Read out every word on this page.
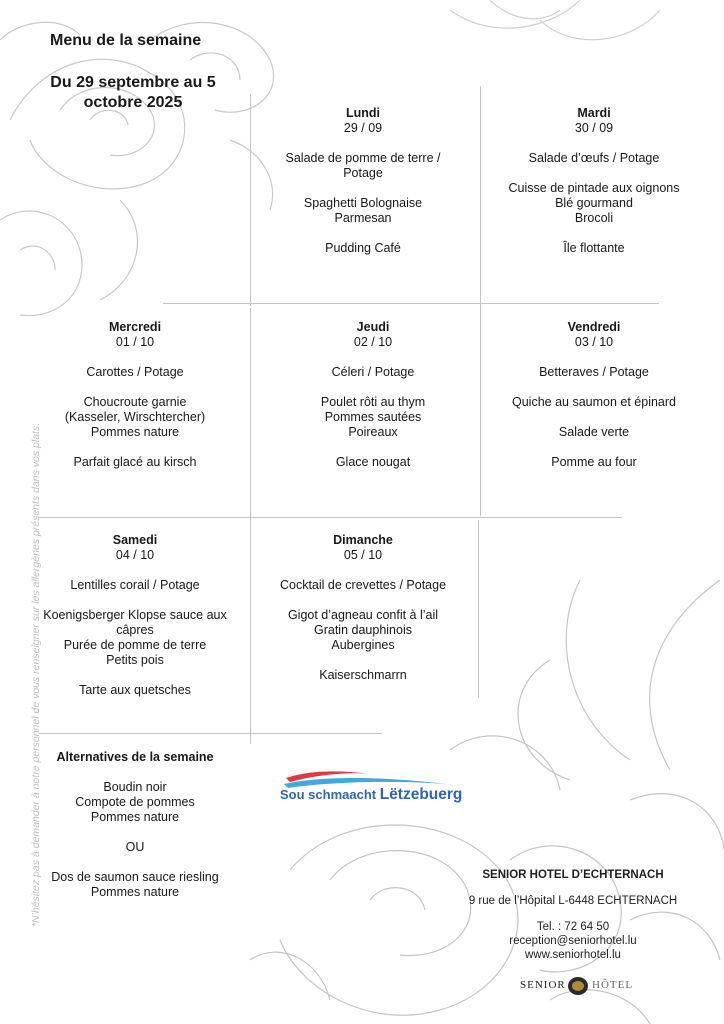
Menu de la semaine
Du 29 septembre au 5
octobre 2025
Lundi
29 / 09
Salade de pomme de terre / Potage
Spaghetti Bolognaise
Parmesan
Pudding Café
Mardi
30 / 09
Salade d’œufs / Potage
Cuisse de pintade aux oignons
Blé gourmand
Brocoli
Île flottante
Mercredi
01 / 10
Carottes / Potage
Choucroute garnie
(Kasseler, Wirschtercher)
Pommes nature
Parfait glacé au kirsch
Jeudi
02 / 10
Céleri / Potage
Poulet rôti au thym
Pommes sautées
Poireaux
Glace nougat
Vendredi
03 / 10
Betteraves / Potage
Quiche au saumon et épinard
Salade verte
Pomme au four
Samedi
04 / 10
Lentilles corail / Potage
Koenigsberger Klopse sauce aux câpres
Purée de pomme de terre
Petits pois
Tarte aux quetsches
Dimanche
05 / 10
Cocktail de crevettes / Potage
Gigot d’agneau confit à l’ail
Gratin dauphinois
Aubergines
Kaiserschmarrn
Alternatives de la semaine
Boudin noir
Compote de pommes
Pommes nature
OU
Dos de saumon sauce riesling
Pommes nature
*N’hésitez pas à demander à notre personnel de vous renseigner sur les allergènes présents dans vos plats.	Sou schmaacht Lëtzebuerg
SENIOR HOTEL D’ECHTERNACH
9 rue de l’Hôpital L-6448 ECHTERNACH
Tel. : 72 64 50
reception@seniorhotel.lu
www.seniorhotel.lu
SENIOR HÔTEL
